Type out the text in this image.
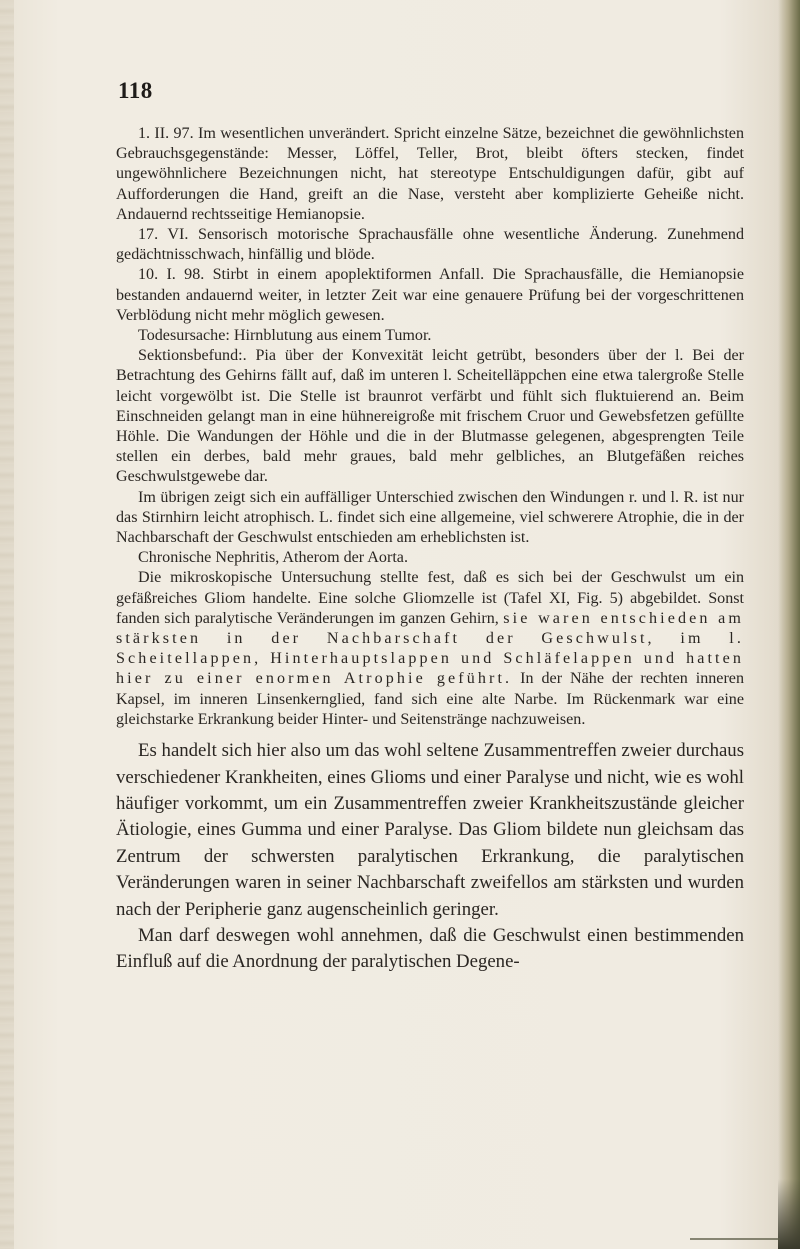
118

1. II. 97. Im wesentlichen unverändert. Spricht einzelne Sätze, bezeichnet die gewöhnlichsten Gebrauchsgegenstände: Messer, Löffel, Teller, Brot, bleibt öfters stecken, findet ungewöhnlichere Bezeichnungen nicht, hat stereotype Entschuldigungen dafür, gibt auf Aufforderungen die Hand, greift an die Nase, versteht aber komplizierte Geheiße nicht. Andauernd rechtsseitige Hemianopsie.

17. VI. Sensorisch motorische Sprachausfälle ohne wesentliche Änderung. Zunehmend gedächtnisschwach, hinfällig und blöde.

10. I. 98. Stirbt in einem apoplektiformen Anfall. Die Sprachausfälle, die Hemianopsie bestanden andauernd weiter, in letzter Zeit war eine genauere Prüfung bei der vorgeschrittenen Verblödung nicht mehr möglich gewesen.

Todesursache: Hirnblutung aus einem Tumor.

Sektionsbefund:. Pia über der Konvexität leicht getrübt, besonders über der l. Bei der Betrachtung des Gehirns fällt auf, daß im unteren l. Scheitelläppchen eine etwa talergroße Stelle leicht vorgewölbt ist. Die Stelle ist braunrot verfärbt und fühlt sich fluktuierend an. Beim Einschneiden gelangt man in eine hühnereigroße mit frischem Cruor und Gewebsfetzen gefüllte Höhle. Die Wandungen der Höhle und die in der Blutmasse gelegenen, abgesprengten Teile stellen ein derbes, bald mehr graues, bald mehr gelbliches, an Blutgefäßen reiches Geschwulstgewebe dar.

Im übrigen zeigt sich ein auffälliger Unterschied zwischen den Windungen r. und l. R. ist nur das Stirnhirn leicht atrophisch. L. findet sich eine allgemeine, viel schwerere Atrophie, die in der Nachbarschaft der Geschwulst entschieden am erheblichsten ist.

Chronische Nephritis, Atherom der Aorta.

Die mikroskopische Untersuchung stellte fest, daß es sich bei der Geschwulst um ein gefäßreiches Gliom handelte. Eine solche Gliomzelle ist (Tafel XI, Fig. 5) abgebildet. Sonst fanden sich paralytische Veränderungen im ganzen Gehirn, sie waren entschieden am stärksten in der Nachbarschaft der Geschwulst, im l. Scheitellappen, Hinterhauptslappen und Schläfelappen und hatten hier zu einer enormen Atrophie geführt. In der Nähe der rechten inneren Kapsel, im inneren Linsenkernglied, fand sich eine alte Narbe. Im Rückenmark war eine gleichstarke Erkrankung beider Hinter- und Seitenstränge nachzuweisen.

Es handelt sich hier also um das wohl seltene Zusammentreffen zweier durchaus verschiedener Krankheiten, eines Glioms und einer Paralyse und nicht, wie es wohl häufiger vorkommt, um ein Zusammentreffen zweier Krankheitszustände gleicher Ätiologie, eines Gumma und einer Paralyse. Das Gliom bildete nun gleichsam das Zentrum der schwersten paralytischen Erkrankung, die paralytischen Veränderungen waren in seiner Nachbarschaft zweifellos am stärksten und wurden nach der Peripherie ganz augenscheinlich geringer.

Man darf deswegen wohl annehmen, daß die Geschwulst einen bestimmenden Einfluß auf die Anordnung der paralytischen Degene-
